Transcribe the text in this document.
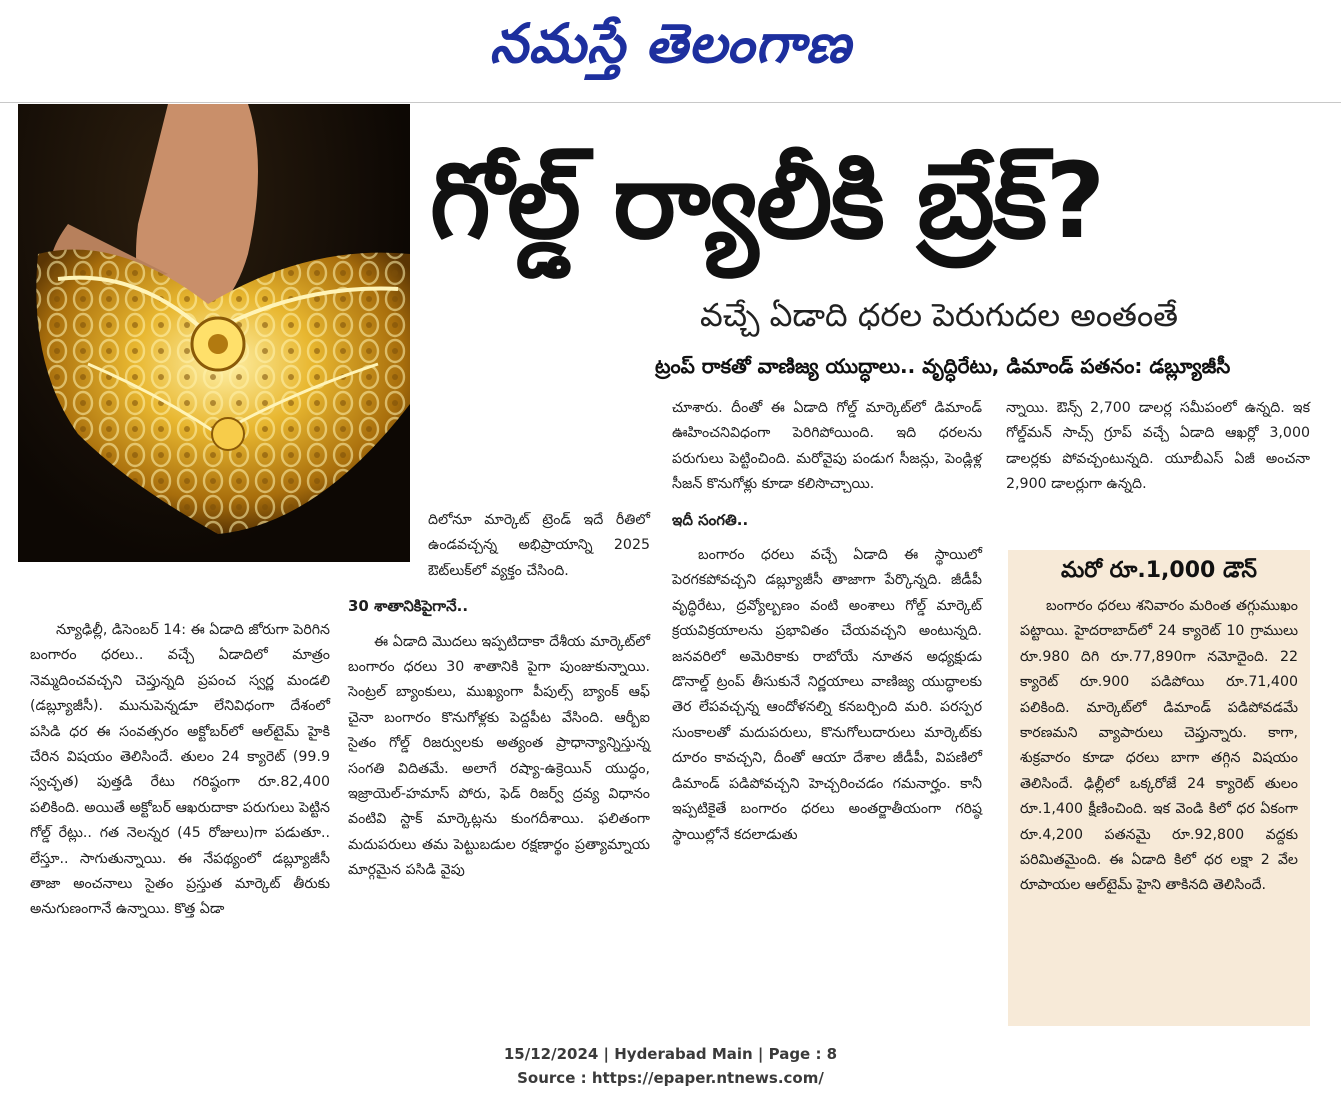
నమస్తే తెలంగాణ
గోల్డ్ ర్యాలీకి బ్రేక్?
వచ్చే ఏడాది ధరల పెరుగుదల అంతంతే
ట్రంప్ రాకతో వాణిజ్య యుద్ధాలు.. వృద్ధిరేటు, డిమాండ్ పతనం: డబ్ల్యూజీసీ

న్యూఢిల్లీ, డిసెంబర్ 14: ఈ ఏడాది జోరుగా పెరిగిన బంగారం ధరలు.. వచ్చే ఏడాదిలో మాత్రం నెమ్మదించవచ్చని చెప్తున్నది ప్రపంచ స్వర్ణ మండలి (డబ్ల్యూజీసీ). మునుపెన్నడూ లేనివిధంగా దేశంలో పసిడి ధర ఈ సంవత్సరం అక్టోబర్‌లో ఆల్‌టైమ్ హైకి చేరిన విషయం తెలిసిందే. తులం 24 క్యారెట్ (99.9 స్వచ్ఛత) పుత్తడి రేటు గరిష్ఠంగా రూ.82,400 పలికింది. అయితే అక్టోబర్ ఆఖరుదాకా పరుగులు పెట్టిన గోల్డ్ రేట్లు.. గత నెలన్నర (45 రోజులు)గా పడుతూ.. లేస్తూ.. సాగుతున్నాయి. ఈ నేపథ్యంలో డబ్ల్యూజీసీ తాజా అంచనాలు సైతం ప్రస్తుత మార్కెట్ తీరుకు అనుగుణంగానే ఉన్నాయి. కొత్త ఏడా

దిలోనూ మార్కెట్ ట్రెండ్ ఇదే రీతిలో ఉండవచ్చన్న అభిప్రాయాన్ని 2025 ఔట్‌లుక్‌లో వ్యక్తం చేసింది.

30 శాతానికిపైగానే..

ఈ ఏడాది మొదలు ఇప్పటిదాకా దేశీయ మార్కెట్‌లో బంగారం ధరలు 30 శాతానికి పైగా పుంజుకున్నాయి. సెంట్రల్ బ్యాంకులు, ముఖ్యంగా పీపుల్స్ బ్యాంక్ ఆఫ్ చైనా బంగారం కొనుగోళ్లకు పెద్దపీట వేసింది. ఆర్బీఐ సైతం గోల్డ్ రిజర్వులకు అత్యంత ప్రాధాన్యాన్నిస్తున్న సంగతి విదితమే. అలాగే రష్యా-ఉక్రెయిన్ యుద్ధం, ఇజ్రాయెల్-హమాస్ పోరు, ఫెడ్ రిజర్వ్ ద్రవ్య విధానం వంటివి స్టాక్ మార్కెట్లను కుంగదీశాయి. ఫలితంగా మదుపరులు తమ పెట్టుబడుల రక్షణార్థం ప్రత్యామ్నాయ మార్గమైన పసిడి వైపు

చూశారు. దీంతో ఈ ఏడాది గోల్డ్ మార్కెట్‌లో డిమాండ్ ఊహించనివిధంగా పెరిగిపోయింది. ఇది ధరలను పరుగులు పెట్టించింది. మరోవైపు పండుగ సీజన్లు, పెండ్లిళ్ల సీజన్ కొనుగోళ్లు కూడా కలిసొచ్చాయి.

ఇదీ సంగతి..

బంగారం ధరలు వచ్చే ఏడాది ఈ స్థాయిలో పెరగకపోవచ్చని డబ్ల్యూజీసీ తాజాగా పేర్కొన్నది. జీడీపీ వృద్ధిరేటు, ద్రవ్యోల్బణం వంటి అంశాలు గోల్డ్ మార్కెట్ క్రయవిక్రయాలను ప్రభావితం చేయవచ్చని అంటున్నది. జనవరిలో అమెరికాకు రాబోయే నూతన అధ్యక్షుడు డొనాల్డ్ ట్రంప్ తీసుకునే నిర్ణయాలు వాణిజ్య యుద్ధాలకు తెర లేపవచ్చన్న ఆందోళనల్ని కనబర్చింది మరి. పరస్పర సుంకాలతో మదుపరులు, కొనుగోలుదారులు మార్కెట్‌కు దూరం కావచ్చని, దీంతో ఆయా దేశాల జీడీపీ, విపణిలో డిమాండ్ పడిపోవచ్చని హెచ్చరించడం గమనార్హం. కానీ ఇప్పటికైతే బంగారం ధరలు అంతర్జాతీయంగా గరిష్ఠ స్థాయిల్లోనే కదలాడుతు

న్నాయి. ఔన్స్ 2,700 డాలర్ల సమీపంలో ఉన్నది. ఇక గోల్డ్‌మన్ సాచ్స్ గ్రూప్ వచ్చే ఏడాది ఆఖర్లో 3,000 డాలర్లకు పోవచ్చంటున్నది. యూబీఎస్ ఏజీ అంచనా 2,900 డాలర్లుగా ఉన్నది.

మరో రూ.1,000 డౌన్

బంగారం ధరలు శనివారం మరింత తగ్గుముఖం పట్టాయి. హైదరాబాద్‌లో 24 క్యారెట్ 10 గ్రాములు రూ.980 దిగి రూ.77,890గా నమోదైంది. 22 క్యారెట్ రూ.900 పడిపోయి రూ.71,400 పలికింది. మార్కెట్‌లో డిమాండ్ పడిపోవడమే కారణమని వ్యాపారులు చెప్తున్నారు. కాగా, శుక్రవారం కూడా ధరలు బాగా తగ్గిన విషయం తెలిసిందే. ఢిల్లీలో ఒక్కరోజే 24 క్యారెట్ తులం రూ.1,400 క్షీణించింది. ఇక వెండి కిలో ధర ఏకంగా రూ.4,200 పతనమై రూ.92,800 వద్దకు పరిమితమైంది. ఈ ఏడాది కిలో ధర లక్షా 2 వేల రూపాయల ఆల్‌టైమ్ హైని తాకినది తెలిసిందే.

15/12/2024 | Hyderabad Main | Page : 8
Source : https://epaper.ntnews.com/
